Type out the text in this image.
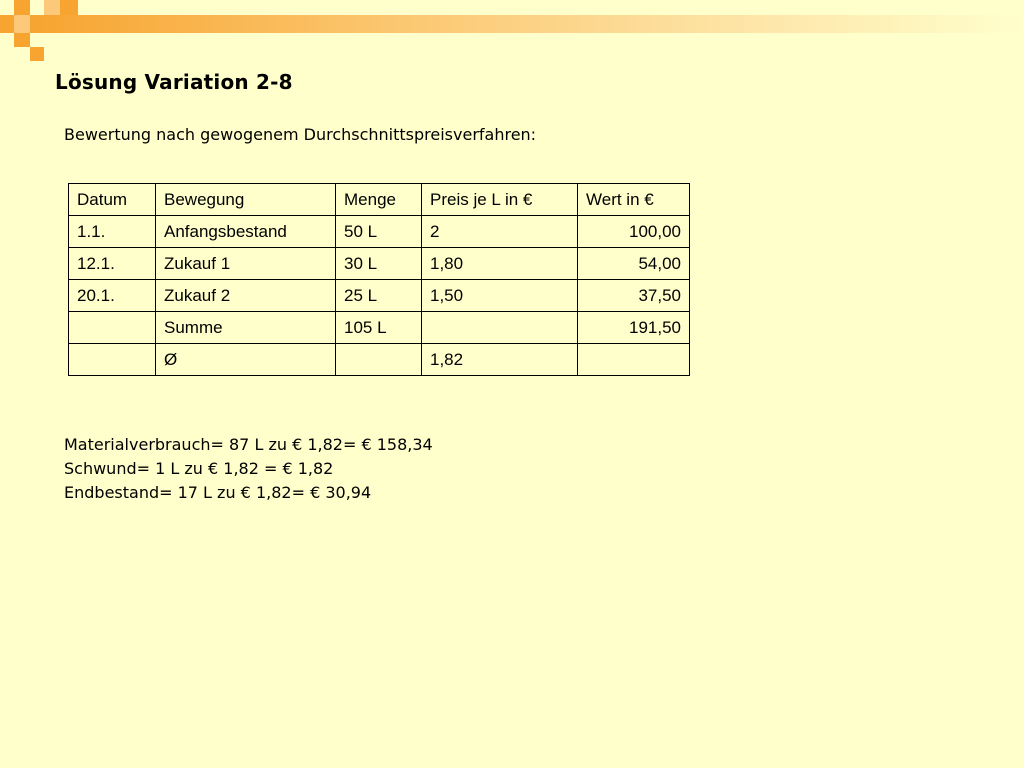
Lösung Variation 2-8
Bewertung nach gewogenem Durchschnittspreisverfahren:
Datum	Bewegung	Menge	Preis je L in €	Wert in €
1.1.	Anfangsbestand	50 L	2	100,00
12.1.	Zukauf 1	30 L	1,80	54,00
20.1.	Zukauf 2	25 L	1,50	37,50
	Summe	105 L		191,50
	Ø		1,82	
Materialverbrauch= 87 L zu € 1,82= € 158,34
Schwund= 1 L zu € 1,82 = € 1,82
Endbestand= 17 L zu € 1,82= € 30,94
